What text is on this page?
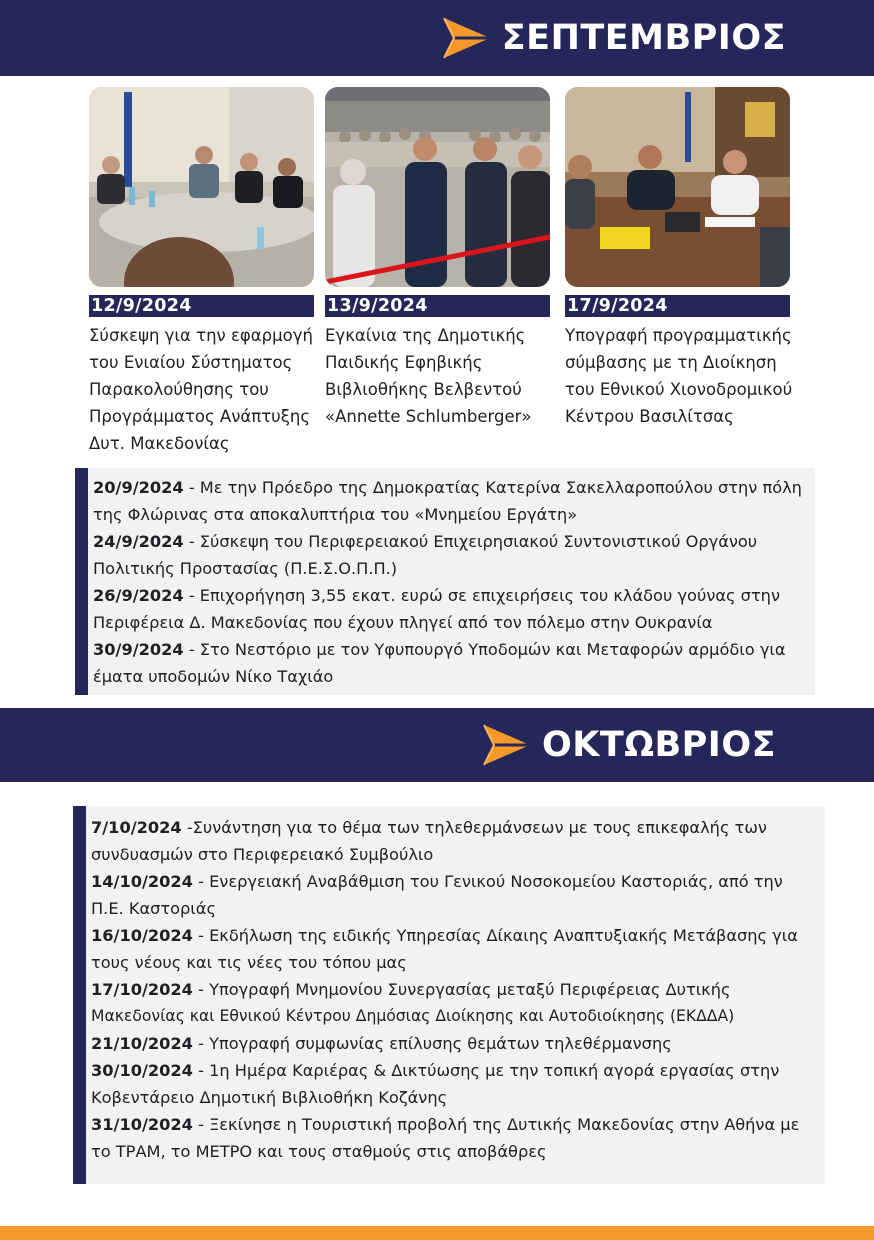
ΣΕΠΤΕΜΒΡΙΟΣ
12/9/2024
Σύσκεψη για την εφαρμογή
του Ενιαίου Σύστηματος
Παρακολούθησης του
Προγράμματος Ανάπτυξης
Δυτ. Μακεδονίας
13/9/2024
Εγκαίνια της Δημοτικής
Παιδικής Εφηβικής
Βιβλιοθήκης Βελβεντού
«Annette Schlumberger»
17/9/2024
Υπογραφή προγραμματικής
σύμβασης με τη Διοίκηση
του Εθνικού Χιονοδρομικού
Κέντρου Βασιλίτσας
20/9/2024 - Με την Πρόεδρο της Δημοκρατίας Κατερίνα Σακελλαροπούλου στην πόλη
της Φλώρινας στα αποκαλυπτήρια του «Μνημείου Εργάτη»
24/9/2024 - Σύσκεψη του Περιφερειακού Επιχειρησιακού Συντονιστικού Οργάνου
Πολιτικής Προστασίας (Π.Ε.Σ.Ο.Π.Π.)
26/9/2024 - Επιχορήγηση 3,55 εκατ. ευρώ σε επιχειρήσεις του κλάδου γούνας στην
Περιφέρεια Δ. Μακεδονίας που έχουν πληγεί από τον πόλεμο στην Ουκρανία
30/9/2024 - Στο Νεστόριο με τον Υφυπουργό Υποδομών και Μεταφορών αρμόδιο για
έματα υποδομών Νίκο Ταχιάο
ΟΚΤΩΒΡΙΟΣ
7/10/2024 -Συνάντηση για το θέμα των τηλεθερμάνσεων με τους επικεφαλής των
συνδυασμών στο Περιφερειακό Συμβούλιο
14/10/2024 - Ενεργειακή Αναβάθμιση του Γενικού Νοσοκομείου Καστοριάς, από την
Π.Ε. Καστοριάς
16/10/2024 - Εκδήλωση της ειδικής Υπηρεσίας Δίκαιης Αναπτυξιακής Μετάβασης για
τους νέους και τις νέες του τόπου μας
17/10/2024 - Υπογραφή Μνημονίου Συνεργασίας μεταξύ Περιφέρειας Δυτικής
Μακεδονίας και Εθνικού Κέντρου Δημόσιας Διοίκησης και Αυτοδιοίκησης (ΕΚΔΔΑ)
21/10/2024 - Υπογραφή συμφωνίας επίλυσης θεμάτων τηλεθέρμανσης
30/10/2024 - 1η Ημέρα Καριέρας & Δικτύωσης με την τοπική αγορά εργασίας στην
Κοβεντάρειο Δημοτική Βιβλιοθήκη Κοζάνης
31/10/2024 - Ξεκίνησε η Τουριστική προβολή της Δυτικής Μακεδονίας στην Αθήνα με
το ΤΡΑΜ, το ΜΕΤΡΟ και τους σταθμούς στις αποβάθρες
